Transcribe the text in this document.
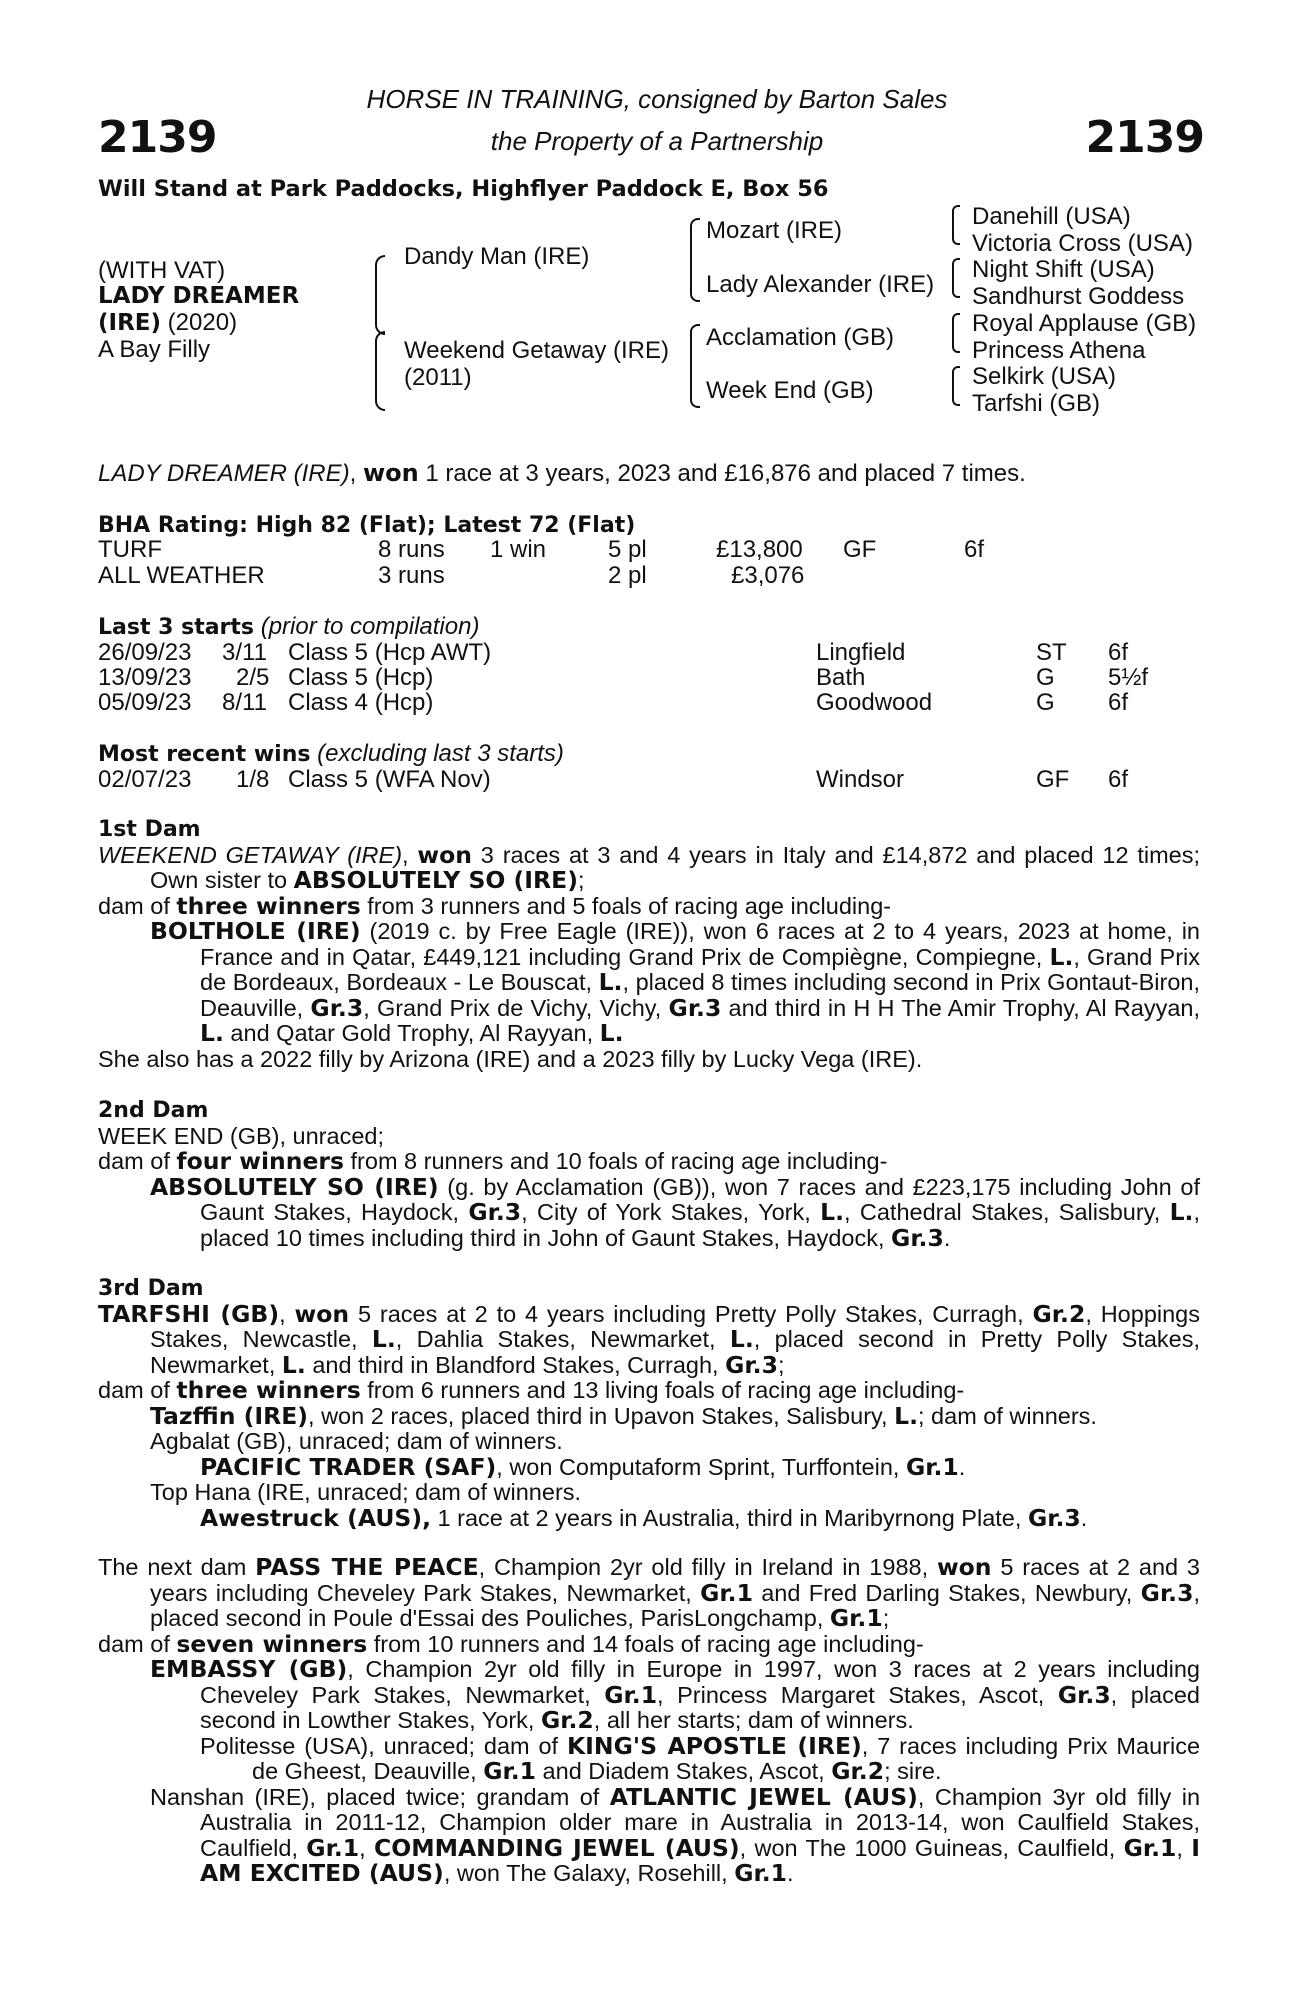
2139	2139
HORSE IN TRAINING, consigned by Barton Sales
the Property of a Partnership
Will Stand at Park Paddocks, Highflyer Paddock E, Box 56
(WITH VAT)
LADY DREAMER
(IRE) (2020)
A Bay Filly
Dandy Man (IRE)
Weekend Getaway (IRE)
(2011)
Mozart (IRE)
Lady Alexander (IRE)
Acclamation (GB)
Week End (GB)
Danehill (USA)
Victoria Cross (USA)
Night Shift (USA)
Sandhurst Goddess
Royal Applause (GB)
Princess Athena
Selkirk (USA)
Tarfshi (GB)
LADY DREAMER (IRE), won 1 race at 3 years, 2023 and £16,876 and placed 7 times.
BHA Rating: High 82 (Flat); Latest 72 (Flat)
TURF	8 runs 1 win	5 pl	£13,800 GF	6f
ALL WEATHER	3 runs	2 pl	£3,076
Last 3 starts (prior to compilation)
26/09/23 3/11 Class 5 (Hcp AWT)	Lingfield	ST 6f
13/09/23 2/5 Class 5 (Hcp)	Bath	G 5½f
05/09/23 8/11 Class 4 (Hcp)	Goodwood	G 6f
Most recent wins (excluding last 3 starts)
02/07/23 1/8 Class 5 (WFA Nov)	Windsor	GF 6f
1st Dam
WEEKEND GETAWAY (IRE), won 3 races at 3 and 4 years in Italy and £14,872 and placed 12 times; Own sister to ABSOLUTELY SO (IRE);
dam of three winners from 3 runners and 5 foals of racing age including-
BOLTHOLE (IRE) (2019 c. by Free Eagle (IRE)), won 6 races at 2 to 4 years, 2023 at home, in France and in Qatar, £449,121 including Grand Prix de Compiègne, Compiegne, L., Grand Prix de Bordeaux, Bordeaux - Le Bouscat, L., placed 8 times including second in Prix Gontaut-Biron, Deauville, Gr.3, Grand Prix de Vichy, Vichy, Gr.3 and third in H H The Amir Trophy, Al Rayyan, L. and Qatar Gold Trophy, Al Rayyan, L.
She also has a 2022 filly by Arizona (IRE) and a 2023 filly by Lucky Vega (IRE).
2nd Dam
WEEK END (GB), unraced;
dam of four winners from 8 runners and 10 foals of racing age including-
ABSOLUTELY SO (IRE) (g. by Acclamation (GB)), won 7 races and £223,175 including John of Gaunt Stakes, Haydock, Gr.3, City of York Stakes, York, L., Cathedral Stakes, Salisbury, L., placed 10 times including third in John of Gaunt Stakes, Haydock, Gr.3.
3rd Dam
TARFSHI (GB), won 5 races at 2 to 4 years including Pretty Polly Stakes, Curragh, Gr.2, Hoppings Stakes, Newcastle, L., Dahlia Stakes, Newmarket, L., placed second in Pretty Polly Stakes, Newmarket, L. and third in Blandford Stakes, Curragh, Gr.3;
dam of three winners from 6 runners and 13 living foals of racing age including-
Tazffin (IRE), won 2 races, placed third in Upavon Stakes, Salisbury, L.; dam of winners.
Agbalat (GB), unraced; dam of winners.
PACIFIC TRADER (SAF), won Computaform Sprint, Turffontein, Gr.1.
Top Hana (IRE, unraced; dam of winners.
Awestruck (AUS), 1 race at 2 years in Australia, third in Maribyrnong Plate, Gr.3.
The next dam PASS THE PEACE, Champion 2yr old filly in Ireland in 1988, won 5 races at 2 and 3 years including Cheveley Park Stakes, Newmarket, Gr.1 and Fred Darling Stakes, Newbury, Gr.3, placed second in Poule d'Essai des Pouliches, ParisLongchamp, Gr.1;
dam of seven winners from 10 runners and 14 foals of racing age including-
EMBASSY (GB), Champion 2yr old filly in Europe in 1997, won 3 races at 2 years including Cheveley Park Stakes, Newmarket, Gr.1, Princess Margaret Stakes, Ascot, Gr.3, placed second in Lowther Stakes, York, Gr.2, all her starts; dam of winners.
Politesse (USA), unraced; dam of KING'S APOSTLE (IRE), 7 races including Prix Maurice de Gheest, Deauville, Gr.1 and Diadem Stakes, Ascot, Gr.2; sire.
Nanshan (IRE), placed twice; grandam of ATLANTIC JEWEL (AUS), Champion 3yr old filly in Australia in 2011-12, Champion older mare in Australia in 2013-14, won Caulfield Stakes, Caulfield, Gr.1, COMMANDING JEWEL (AUS), won The 1000 Guineas, Caulfield, Gr.1, I AM EXCITED (AUS), won The Galaxy, Rosehill, Gr.1.
